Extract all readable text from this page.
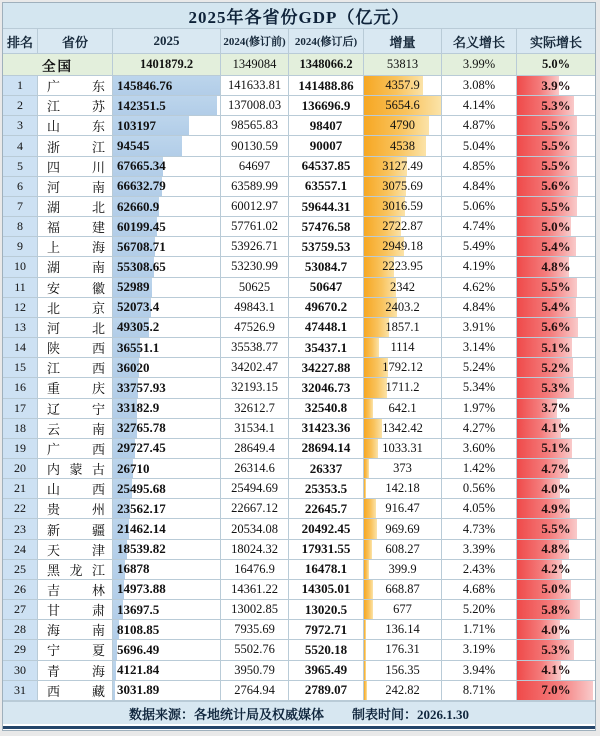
2025年各省份GDP（亿元）
排名	省份	2025	2024(修订前) 2024(修订后)	增量	名义增长	实际增长
全国	1401879.2	1349084	1348066.2	53813	3.99%	5.0%
1	广 东 145846.76	141633.81	141488.86	4357.9	3.08%	3.9%
2	江 苏 142351.5	137008.03	136696.9	5654.6	4.14%	5.3%
3	山 东 103197	98565.83	98407	4790	4.87%	5.5%
4	浙 江 94545	90130.59	90007	4538	5.04%	5.5%
5	四 川 67665.34	64697	64537.85	3127.49	4.85%	5.5%
6	河 南 66632.79	63589.99	63557.1	3075.69	4.84%	5.6%
7	湖 北 62660.9	60012.97	59644.31	3016.59	5.06%	5.5%
8	福 建 60199.45	57761.02	57476.58	2722.87	4.74%	5.0%
9	上 海 56708.71	53926.71	53759.53	2949.18	5.49%	5.4%
10	湖 南 55308.65	53230.99	53084.7	2223.95	4.19%	4.8%
11	安 徽 52989	50625	50647	2342	4.62%	5.5%
12	北 京 52073.4	49843.1	49670.2	2403.2	4.84%	5.4%
13	河 北 49305.2	47526.9	47448.1	1857.1	3.91%	5.6%
14	陕 西 36551.1	35538.77	35437.1	1114	3.14%	5.1%
15	江 西 36020	34202.47	34227.88	1792.12	5.24%	5.2%
16	重 庆 33757.93	32193.15	32046.73	1711.2	5.34%	5.3%
17	辽 宁 33182.9	32612.7	32540.8	642.1	1.97%	3.7%
18	云 南 32765.78	31534.1	31423.36	1342.42	4.27%	4.1%
19	广 西 29727.45	28649.4	28694.14	1033.31	3.60%	5.1%
20	内 蒙 古 26710	26314.6	26337	373	1.42%	4.7%
21	山 西 25495.68	25494.69	25353.5	142.18	0.56%	4.0%
22	贵 州 23562.17	22667.12	22645.7	916.47	4.05%	4.9%
23	新 疆 21462.14	20534.08	20492.45	969.69	4.73%	5.5%
24	天 津 18539.82	18024.32	17931.55	608.27	3.39%	4.8%
25	黑 龙 江 16878	16476.9	16478.1	399.9	2.43%	4.2%
26	吉 林 14973.88	14361.22	14305.01	668.87	4.68%	5.0%
27	甘 肃 13697.5	13002.85	13020.5	677	5.20%	5.8%
28	海 南 8108.85	7935.69	7972.71	136.14	1.71%	4.0%
29	宁 夏 5696.49	5502.76	5520.18	176.31	3.19%	5.3%
30	青 海 4121.84	3950.79	3965.49	156.35	3.94%	4.1%
31	西 藏 3031.89	2764.94	2789.07	242.82	8.71%	7.0%
数据来源：各地统计局及权威媒体 制表时间：2026.1.30
